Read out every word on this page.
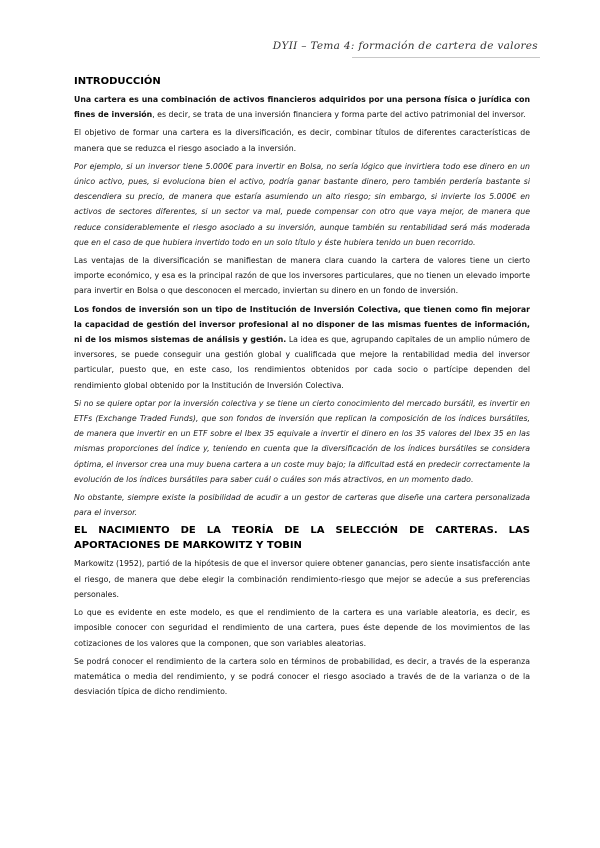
DYII – Tema 4: formación de cartera de valores
INTRODUCCIÓN

Una cartera es una combinación de activos financieros adquiridos por una persona física o jurídica con fines de inversión, es decir, se trata de una inversión financiera y forma parte del activo patrimonial del inversor.

El objetivo de formar una cartera es la diversificación, es decir, combinar títulos de diferentes características de manera que se reduzca el riesgo asociado a la inversión.

Por ejemplo, si un inversor tiene 5.000€ para invertir en Bolsa, no sería lógico que invirtiera todo ese dinero en un único activo, pues, si evoluciona bien el activo, podría ganar bastante dinero, pero también perdería bastante si descendiera su precio, de manera que estaría asumiendo un alto riesgo; sin embargo, si invierte los 5.000€ en activos de sectores diferentes, si un sector va mal, puede compensar con otro que vaya mejor, de manera que reduce considerablemente el riesgo asociado a su inversión, aunque también su rentabilidad será más moderada que en el caso de que hubiera invertido todo en un solo título y éste hubiera tenido un buen recorrido.

Las ventajas de la diversificación se manifiestan de manera clara cuando la cartera de valores tiene un cierto importe económico, y esa es la principal razón de que los inversores particulares, que no tienen un elevado importe para invertir en Bolsa o que desconocen el mercado, inviertan su dinero en un fondo de inversión.

Los fondos de inversión son un tipo de Institución de Inversión Colectiva, que tienen como fin mejorar la capacidad de gestión del inversor profesional al no disponer de las mismas fuentes de información, ni de los mismos sistemas de análisis y gestión. La idea es que, agrupando capitales de un amplio número de inversores, se puede conseguir una gestión global y cualificada que mejore la rentabilidad media del inversor particular, puesto que, en este caso, los rendimientos obtenidos por cada socio o partícipe dependen del rendimiento global obtenido por la Institución de Inversión Colectiva.

Si no se quiere optar por la inversión colectiva y se tiene un cierto conocimiento del mercado bursátil, es invertir en ETFs (Exchange Traded Funds), que son fondos de inversión que replican la composición de los índices bursátiles, de manera que invertir en un ETF sobre el Ibex 35 equivale a invertir el dinero en los 35 valores del Ibex 35 en las mismas proporciones del índice y, teniendo en cuenta que la diversificación de los índices bursátiles se considera óptima, el inversor crea una muy buena cartera a un coste muy bajo; la dificultad está en predecir correctamente la evolución de los índices bursátiles para saber cuál o cuáles son más atractivos, en un momento dado.

No obstante, siempre existe la posibilidad de acudir a un gestor de carteras que diseñe una cartera personalizada para el inversor.

EL NACIMIENTO DE LA TEORÍA DE LA SELECCIÓN DE CARTERAS. LAS APORTACIONES DE MARKOWITZ Y TOBIN

Markowitz (1952), partió de la hipótesis de que el inversor quiere obtener ganancias, pero siente insatisfacción ante el riesgo, de manera que debe elegir la combinación rendimiento-riesgo que mejor se adecúe a sus preferencias personales.

Lo que es evidente en este modelo, es que el rendimiento de la cartera es una variable aleatoria, es decir, es imposible conocer con seguridad el rendimiento de una cartera, pues éste depende de los movimientos de las cotizaciones de los valores que la componen, que son variables aleatorias.

Se podrá conocer el rendimiento de la cartera solo en términos de probabilidad, es decir, a través de la esperanza matemática o media del rendimiento, y se podrá conocer el riesgo asociado a través de de la varianza o de la desviación típica de dicho rendimiento.
